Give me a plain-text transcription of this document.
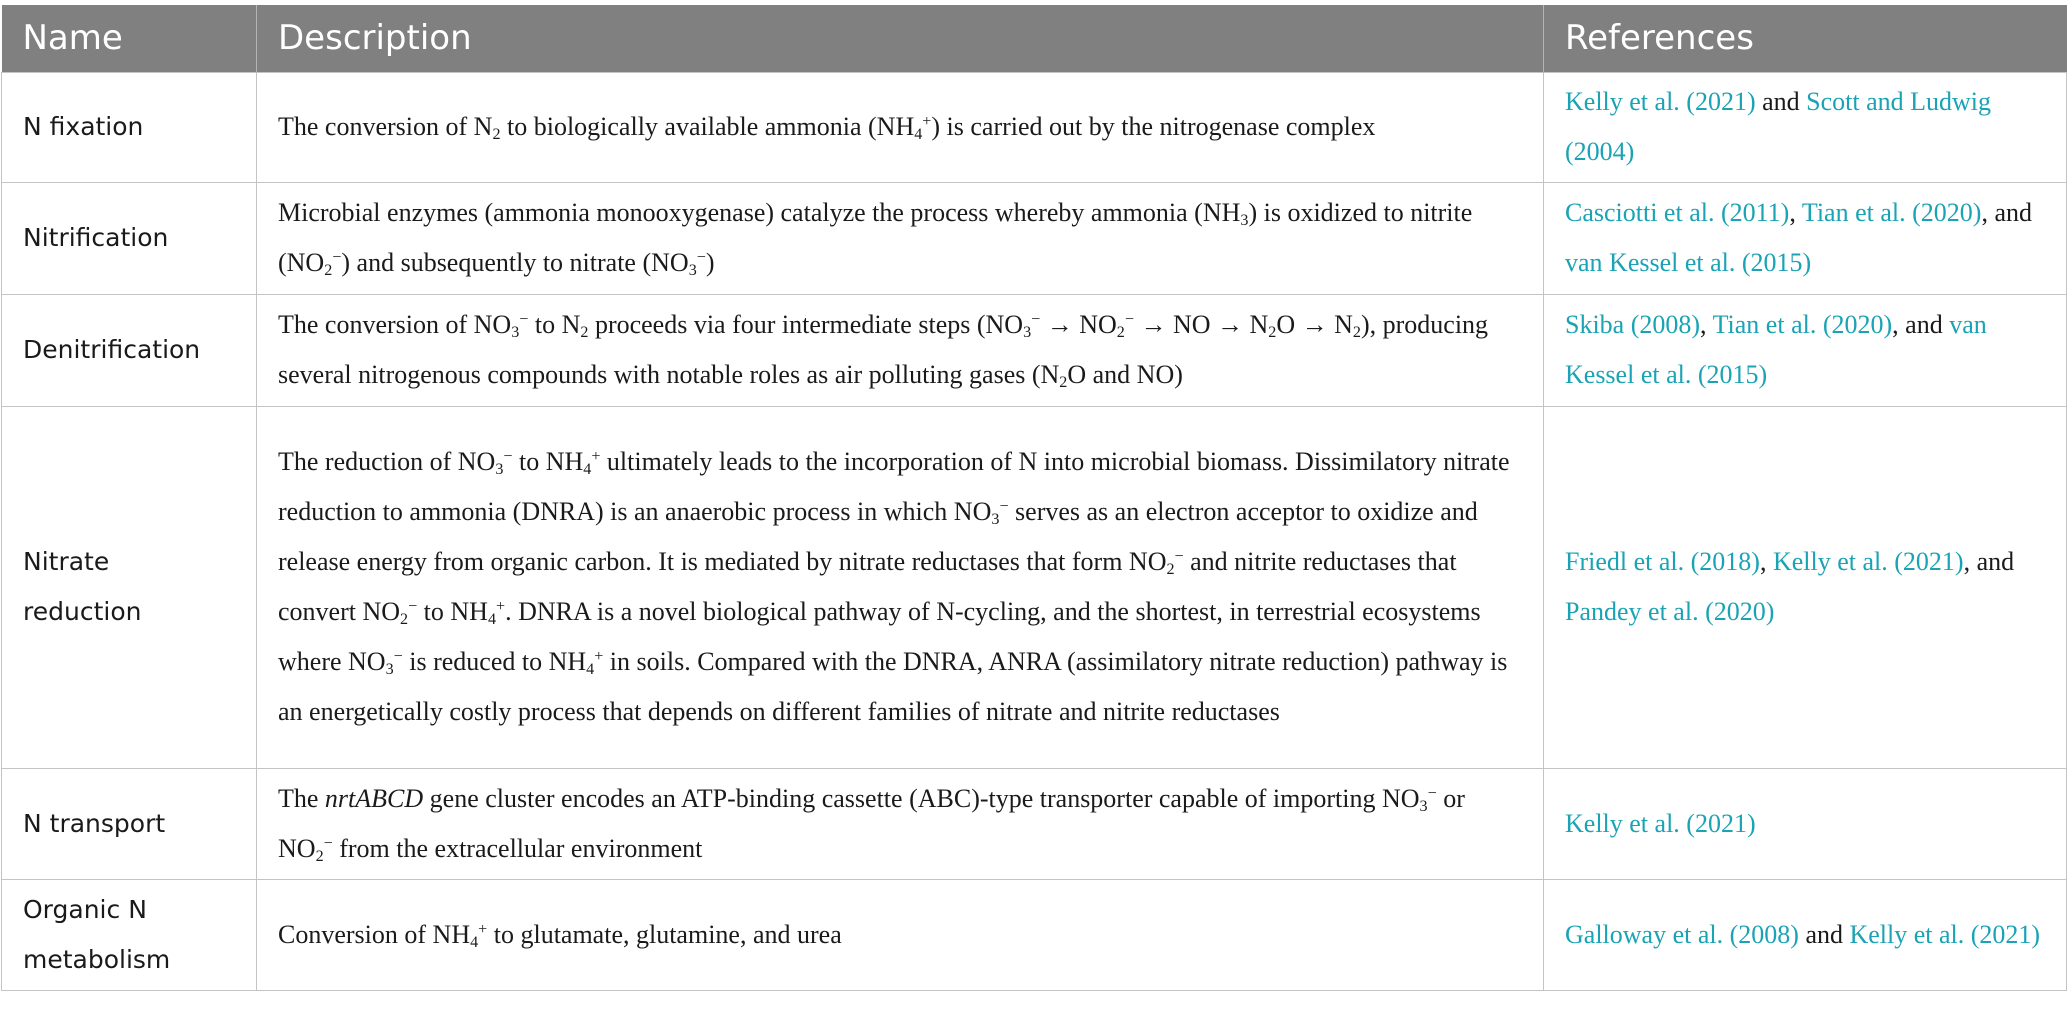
Name	Description	References
N fixation	The conversion of $N_2$ to biologically available ammonia $(NH_4^+)$ is carried out by the nitrogenase complex	Kelly et al. (2021) and Scott and Ludwig (2004)
Nitrification	Microbial enzymes (ammonia monooxygenase) catalyze the process whereby ammonia $(NH_3)$ is oxidized to nitrite $(NO_2^-)$ and subsequently to nitrate $(NO_3^-)$	Casciotti et al. (2011), Tian et al. (2020), and van Kessel et al. (2015)
Denitrification	The conversion of $NO_3^-$ to $N_2$ proceeds via four intermediate steps ($NO_3^- \to NO_2^-$ → NO → $N_2O \to N_2$), producing several nitrogenous compounds with notable roles as air polluting gases ($N_2O$ and NO)	Skiba (2008), Tian et al. (2020), and van Kessel et al. (2015)
Nitrate reduction	The reduction of $NO_3^-$ to $NH_4^+$ ultimately leads to the incorporation of N into microbial biomass. Dissimilatory nitrate reduction to ammonia (DNRA) is an anaerobic process in which $NO_3^-$ serves as an electron acceptor to oxidize and release energy from organic carbon. It is mediated by nitrate reductases that form $NO_2^-$ and nitrite reductases that convert $NO_2^-$ to $NH_4^+$. DNRA is a novel biological pathway of N-cycling, and the shortest, in terrestrial ecosystems where $NO_3^-$ is reduced to $NH_4^+$ in soils. Compared with the DNRA, ANRA (assimilatory nitrate reduction) pathway is an energetically costly process that depends on different families of nitrate and nitrite reductases	Friedl et al. (2018), Kelly et al. (2021), and Pandey et al. (2020)
N transport	The nrtABCD gene cluster encodes an ATP-binding cassette (ABC)-type transporter capable of importing $NO_3^-$ or $NO_2^-$ from the extracellular environment	Kelly et al. (2021)
Organic N metabolism	Conversion of $NH_4^+$ to glutamate, glutamine, and urea	Galloway et al. (2008) and Kelly et al. (2021)
